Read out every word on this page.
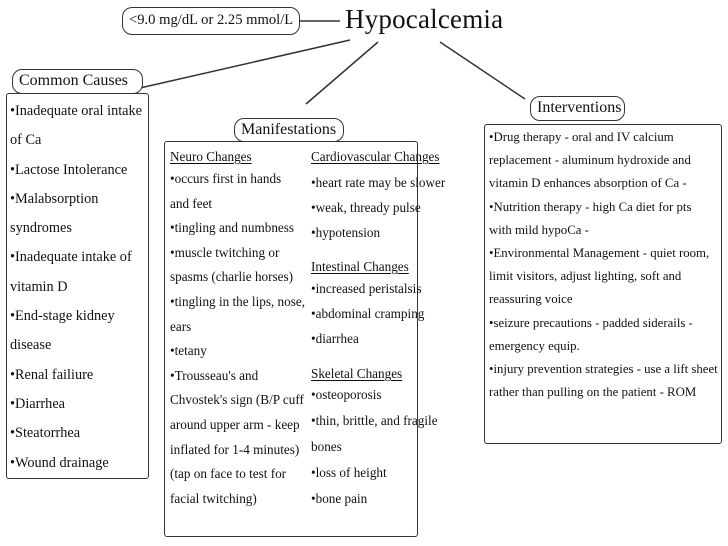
<9.0 mg/dL or 2.25 mmol/L Hypocalcemia
Common Causes
•Inadequate oral intake
of Ca
•Lactose Intolerance
•Malabsorption
syndromes
•Inadequate intake of
vitamin D
•End-stage kidney
disease
•Renal failiure
•Diarrhea
•Steatorrhea
•Wound drainage
Manifestations
Neuro Changes
•occurs first in hands
and feet
•tingling and numbness
•muscle twitching or
spasms (charlie horses)
•tingling in the lips, nose,
ears
•tetany
•Trousseau's and
Chvostek's sign (B/P cuff
around upper arm - keep
inflated for 1-4 minutes)
(tap on face to test for
facial twitching)
Cardiovascular Changes
•heart rate may be slower
•weak, thready pulse
•hypotension
Intestinal Changes
•increased peristalsis
•abdominal cramping
•diarrhea
Skeletal Changes
•osteoporosis
•thin, brittle, and fragile
bones
•loss of height
•bone pain
Interventions
•Drug therapy - oral and IV calcium
replacement - aluminum hydroxide and
vitamin D enhances absorption of Ca -
•Nutrition therapy - high Ca diet for pts
with mild hypoCa -
•Environmental Management - quiet room,
limit visitors, adjust lighting, soft and
reassuring voice
•seizure precautions - padded siderails -
emergency equip.
•injury prevention strategies - use a lift sheet
rather than pulling on the patient - ROM
